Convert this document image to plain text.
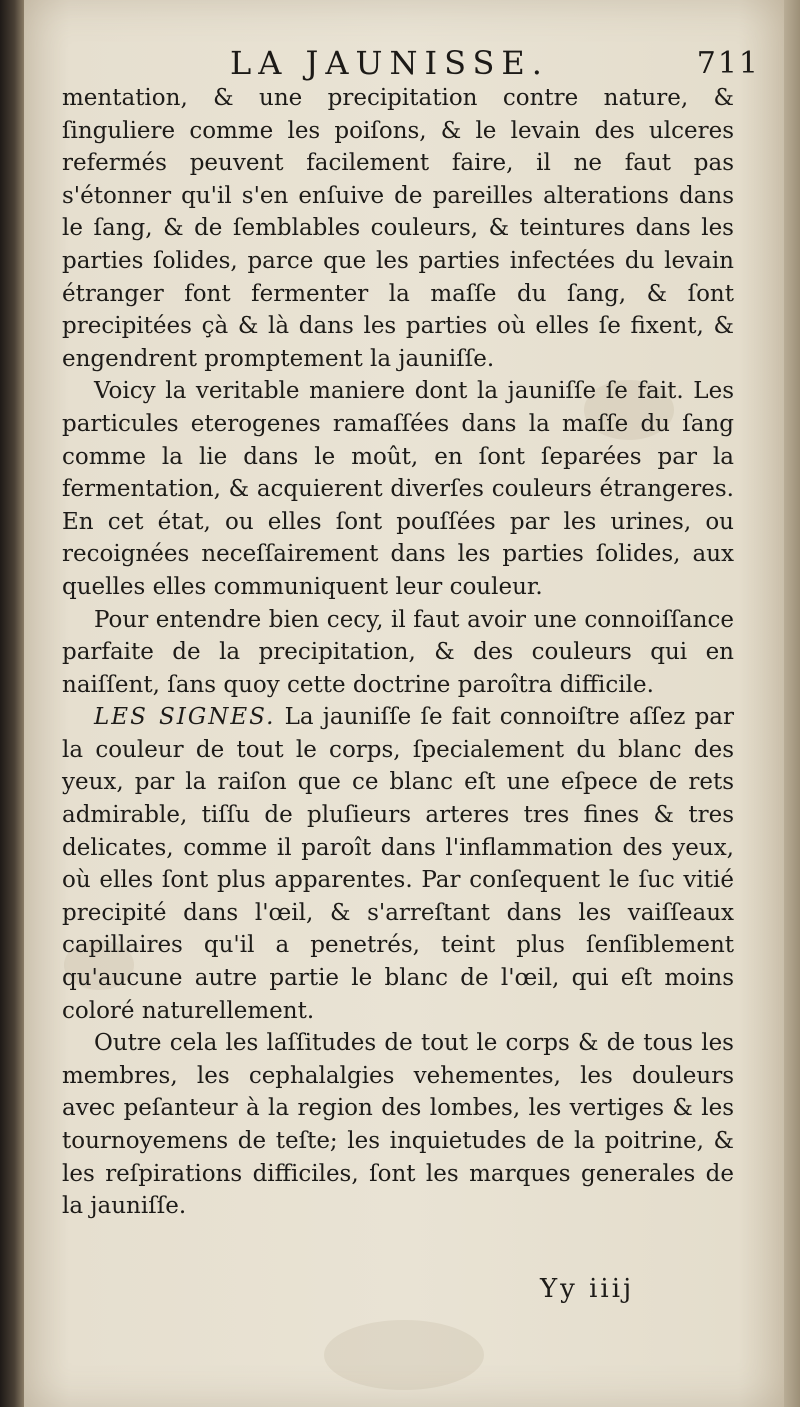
LA JAUNISSE.	711

mentation, & une precipitation contre nature, & ſinguliere comme les poiſons, & le levain des ulceres refermés peuvent facilement faire, il ne faut pas s'étonner qu'il s'en enſuive de pareilles alterations dans le ſang, & de ſemblables couleurs, & teintures dans les parties ſolides, parce que les parties infectées du levain étranger font fermenter la maſſe du ſang, & ſont precipitées çà & là dans les parties où elles ſe fixent, & engendrent promptement la jauniſſe.

Voicy la veritable maniere dont la jauniſſe ſe fait. Les particules eterogenes ramaſſées dans la maſſe du ſang comme la lie dans le moût, en ſont ſeparées par la fermentation, & acquierent diverſes couleurs étrangeres. En cet état, ou elles ſont pouſſées par les urines, ou recoignées neceſſairement dans les parties ſolides, aux quelles elles communiquent leur couleur.

Pour entendre bien cecy, il faut avoir une connoiſſance parfaite de la precipitation, & des couleurs qui en naiſſent, ſans quoy cette doctrine paroîtra difficile.

LES SIGNES. La jauniſſe ſe fait connoiſtre aſſez par la couleur de tout le corps, ſpecialement du blanc des yeux, par la raiſon que ce blanc eſt une eſpece de rets admirable, tiſſu de pluſieurs arteres tres fines & tres delicates, comme il paroît dans l'inflammation des yeux, où elles ſont plus apparentes. Par conſequent le ſuc vitié precipité dans l'œil, & s'arreſtant dans les vaiſſeaux capillaires qu'il a penetrés, teint plus ſenſiblement qu'aucune autre partie le blanc de l'œil, qui eſt moins coloré naturellement.

Outre cela les laſſitudes de tout le corps & de tous les membres, les cephalalgies vehementes, les douleurs avec peſanteur à la region des lombes, les vertiges & les tournoyemens de teſte; les inquietudes de la poitrine, & les reſpirations difficiles, ſont les marques generales de la jauniſſe.

Yy iiij
